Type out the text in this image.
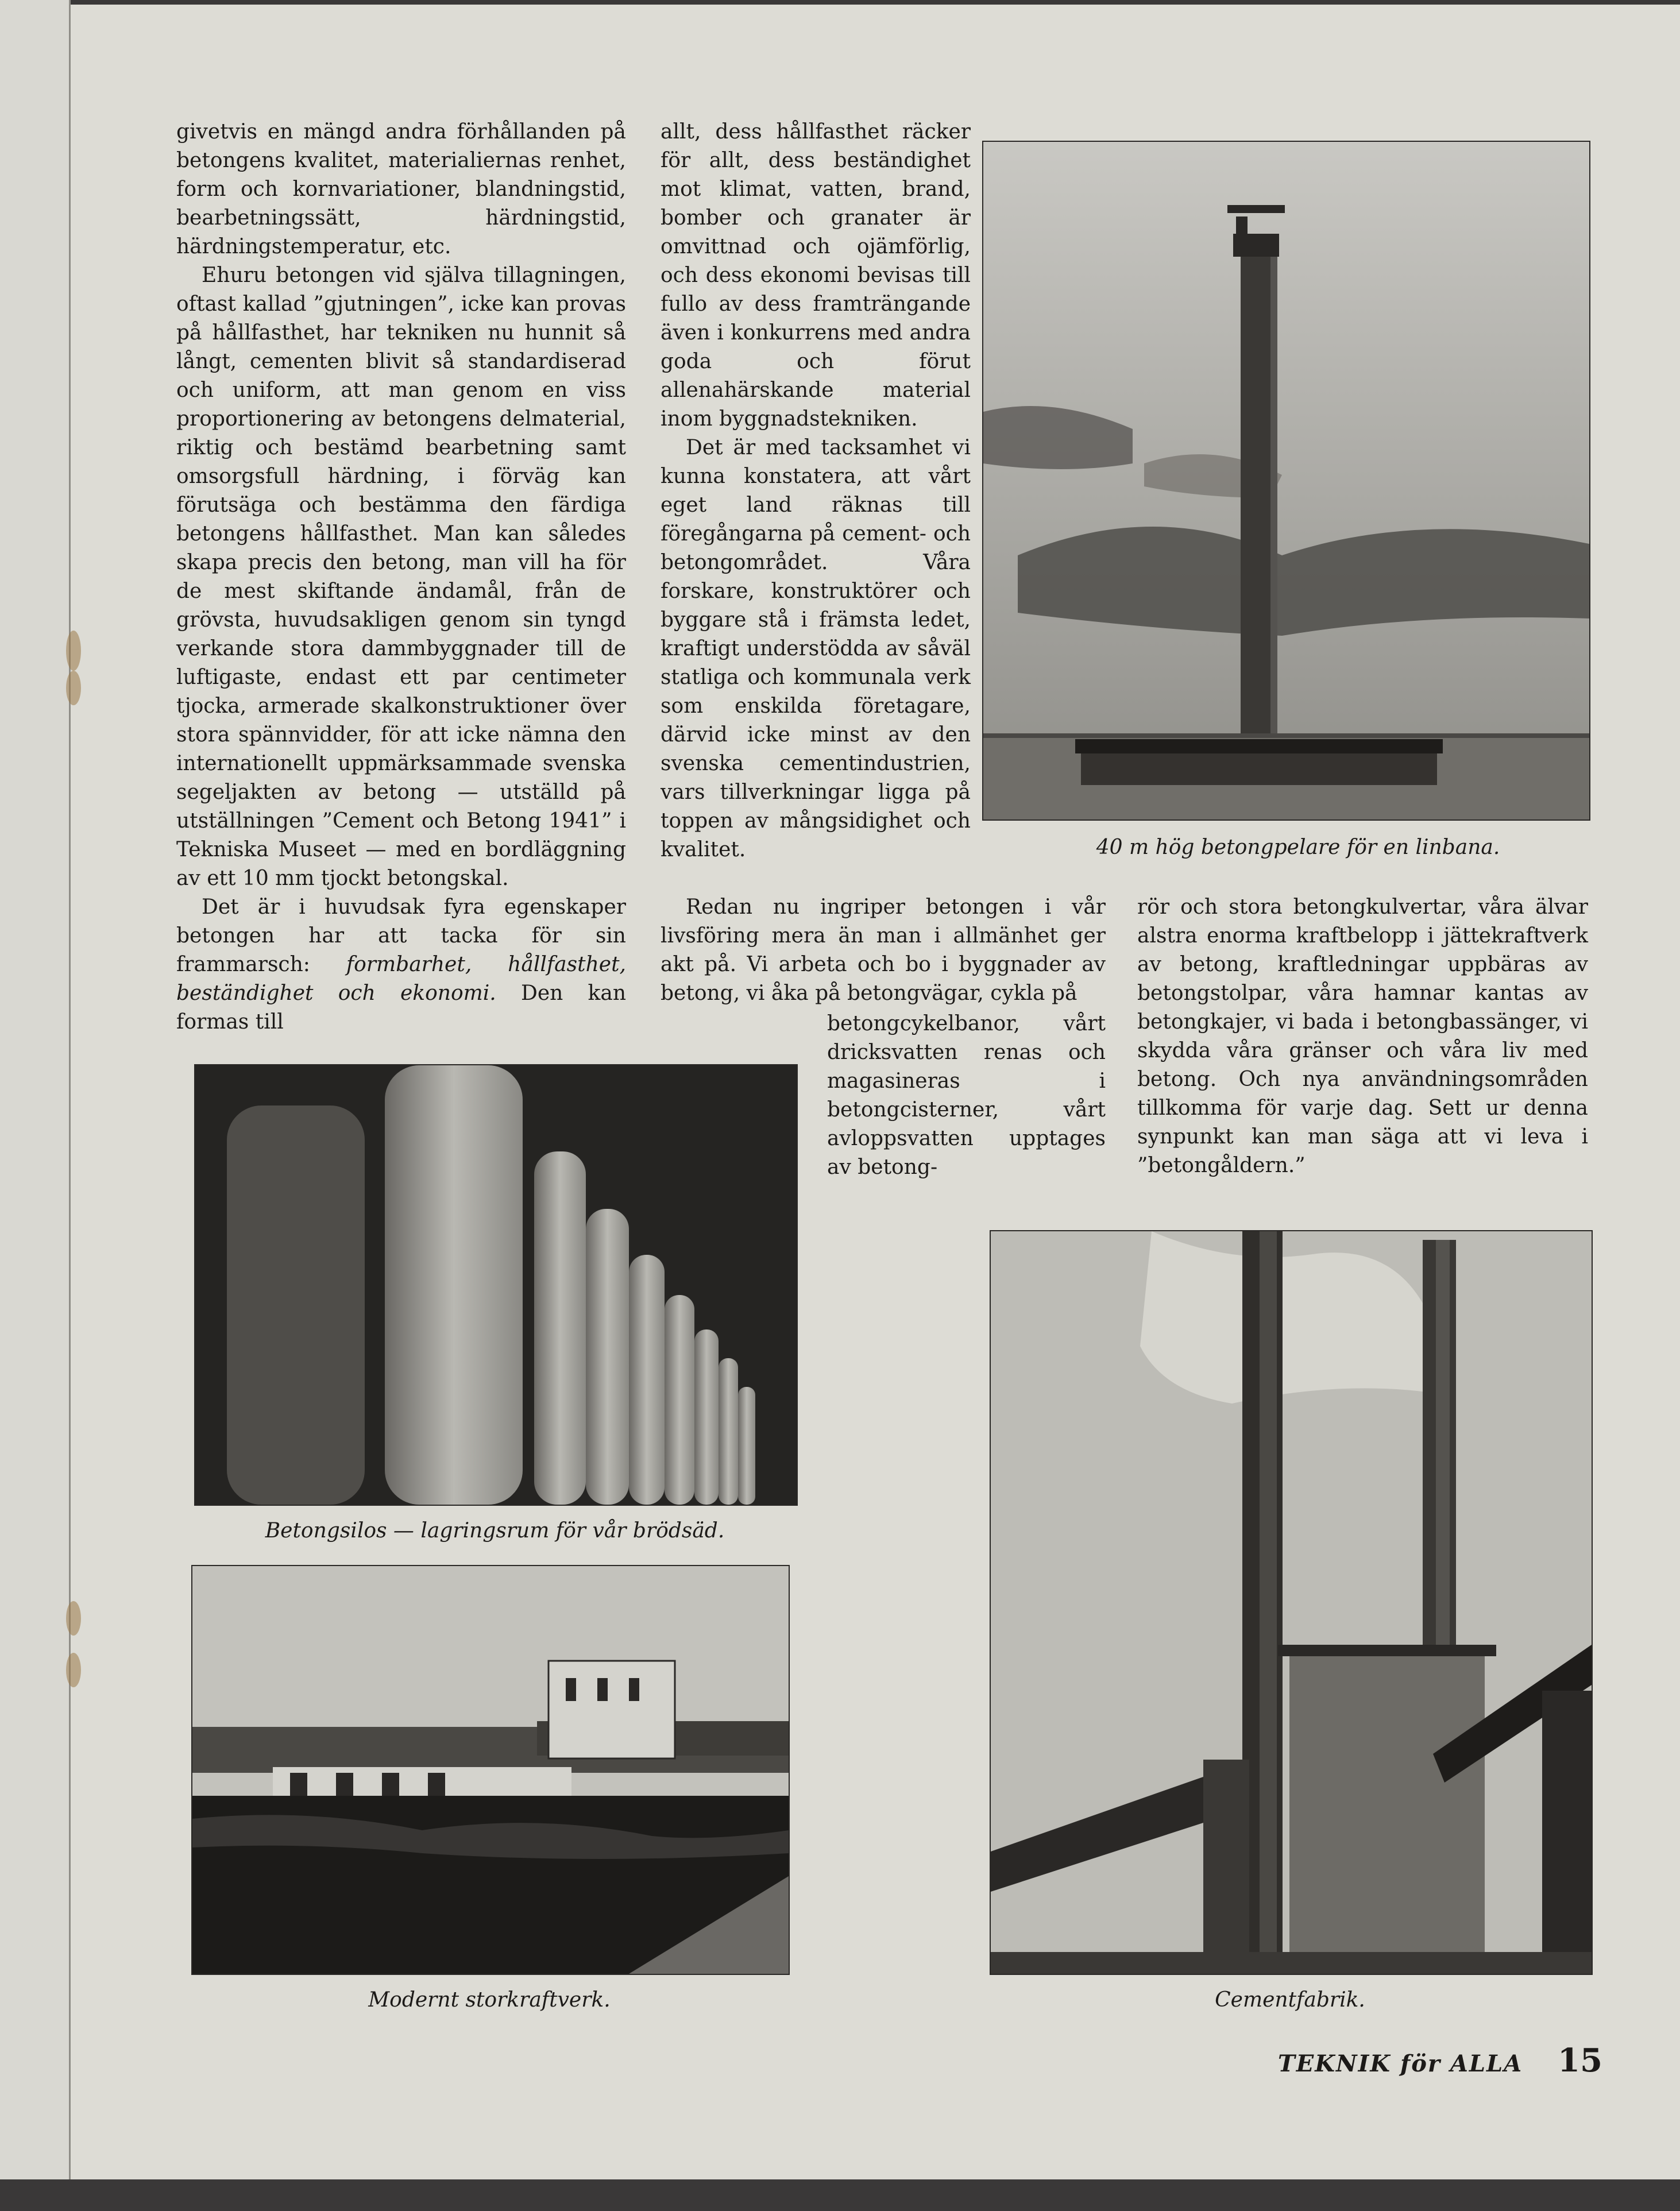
givetvis en mängd andra förhållanden på betongens kvalitet, materialiernas renhet, form och kornvariationer, blandningstid, bearbetningssätt, härdningstid, härdningstemperatur, etc.

Ehuru betongen vid själva tillagningen, oftast kallad ”gjutningen”, icke kan provas på hållfasthet, har tekniken nu hunnit så långt, cementen blivit så standardiserad och uniform, att man genom en viss proportionering av betongens delmaterial, riktig och bestämd bearbetning samt omsorgsfull härdning, i förväg kan förutsäga och bestämma den färdiga betongens hållfasthet. Man kan således skapa precis den betong, man vill ha för de mest skiftande ändamål, från de grövsta, huvudsakligen genom sin tyngd verkande stora dammbyggnader till de luftigaste, endast ett par centimeter tjocka, armerade skalkonstruktioner över stora spännvidder, för att icke nämna den internationellt uppmärksammade svenska segeljakten av betong — utställd på utställningen ”Cement och Betong 1941” i Tekniska Museet — med en bordläggning av ett 10 mm tjockt betongskal.

Det är i huvudsak fyra egenskaper betongen har att tacka för sin frammarsch: formbarhet, hållfasthet, beständighet och ekonomi. Den kan formas till

allt, dess hållfasthet räcker för allt, dess beständighet mot klimat, vatten, brand, bomber och granater är omvittnad och ojämförlig, och dess ekonomi bevisas till fullo av dess framträngande även i konkurrens med andra goda och förut allenahärskande material inom byggnadstekniken.

Det är med tacksamhet vi kunna konstatera, att vårt eget land räknas till föregångarna på cement- och betongområdet. Våra forskare, konstruktörer och byggare stå i främsta ledet, kraftigt understödda av såväl statliga och kommunala verk som enskilda företagare, därvid icke minst av den svenska cementindustrien, vars tillverkningar ligga på toppen av mångsidighet och kvalitet.

Redan nu ingriper betongen i vår livsföring mera än man i allmänhet ger akt på. Vi arbeta och bo i byggnader av betong, vi åka på betongvägar, cykla på

betongcykelbanor, vårt dricksvatten renas och magasineras i betongcisterner, vårt avloppsvatten upptages av betong-

rör och stora betongkulvertar, våra älvar alstra enorma kraftbelopp i jättekraftverk av betong, kraftledningar uppbäras av betongstolpar, våra hamnar kantas av betongkajer, vi bada i betongbassänger, vi skydda våra gränser och våra liv med betong. Och nya användningsområden tillkomma för varje dag. Sett ur denna synpunkt kan man säga att vi leva i ”betongåldern.”

40 m hög betongpelare för en linbana.
Betongsilos — lagringsrum för vår brödsäd.
Modernt storkraftverk.	Cementfabrik.
TEKNIK för ALLA 15
